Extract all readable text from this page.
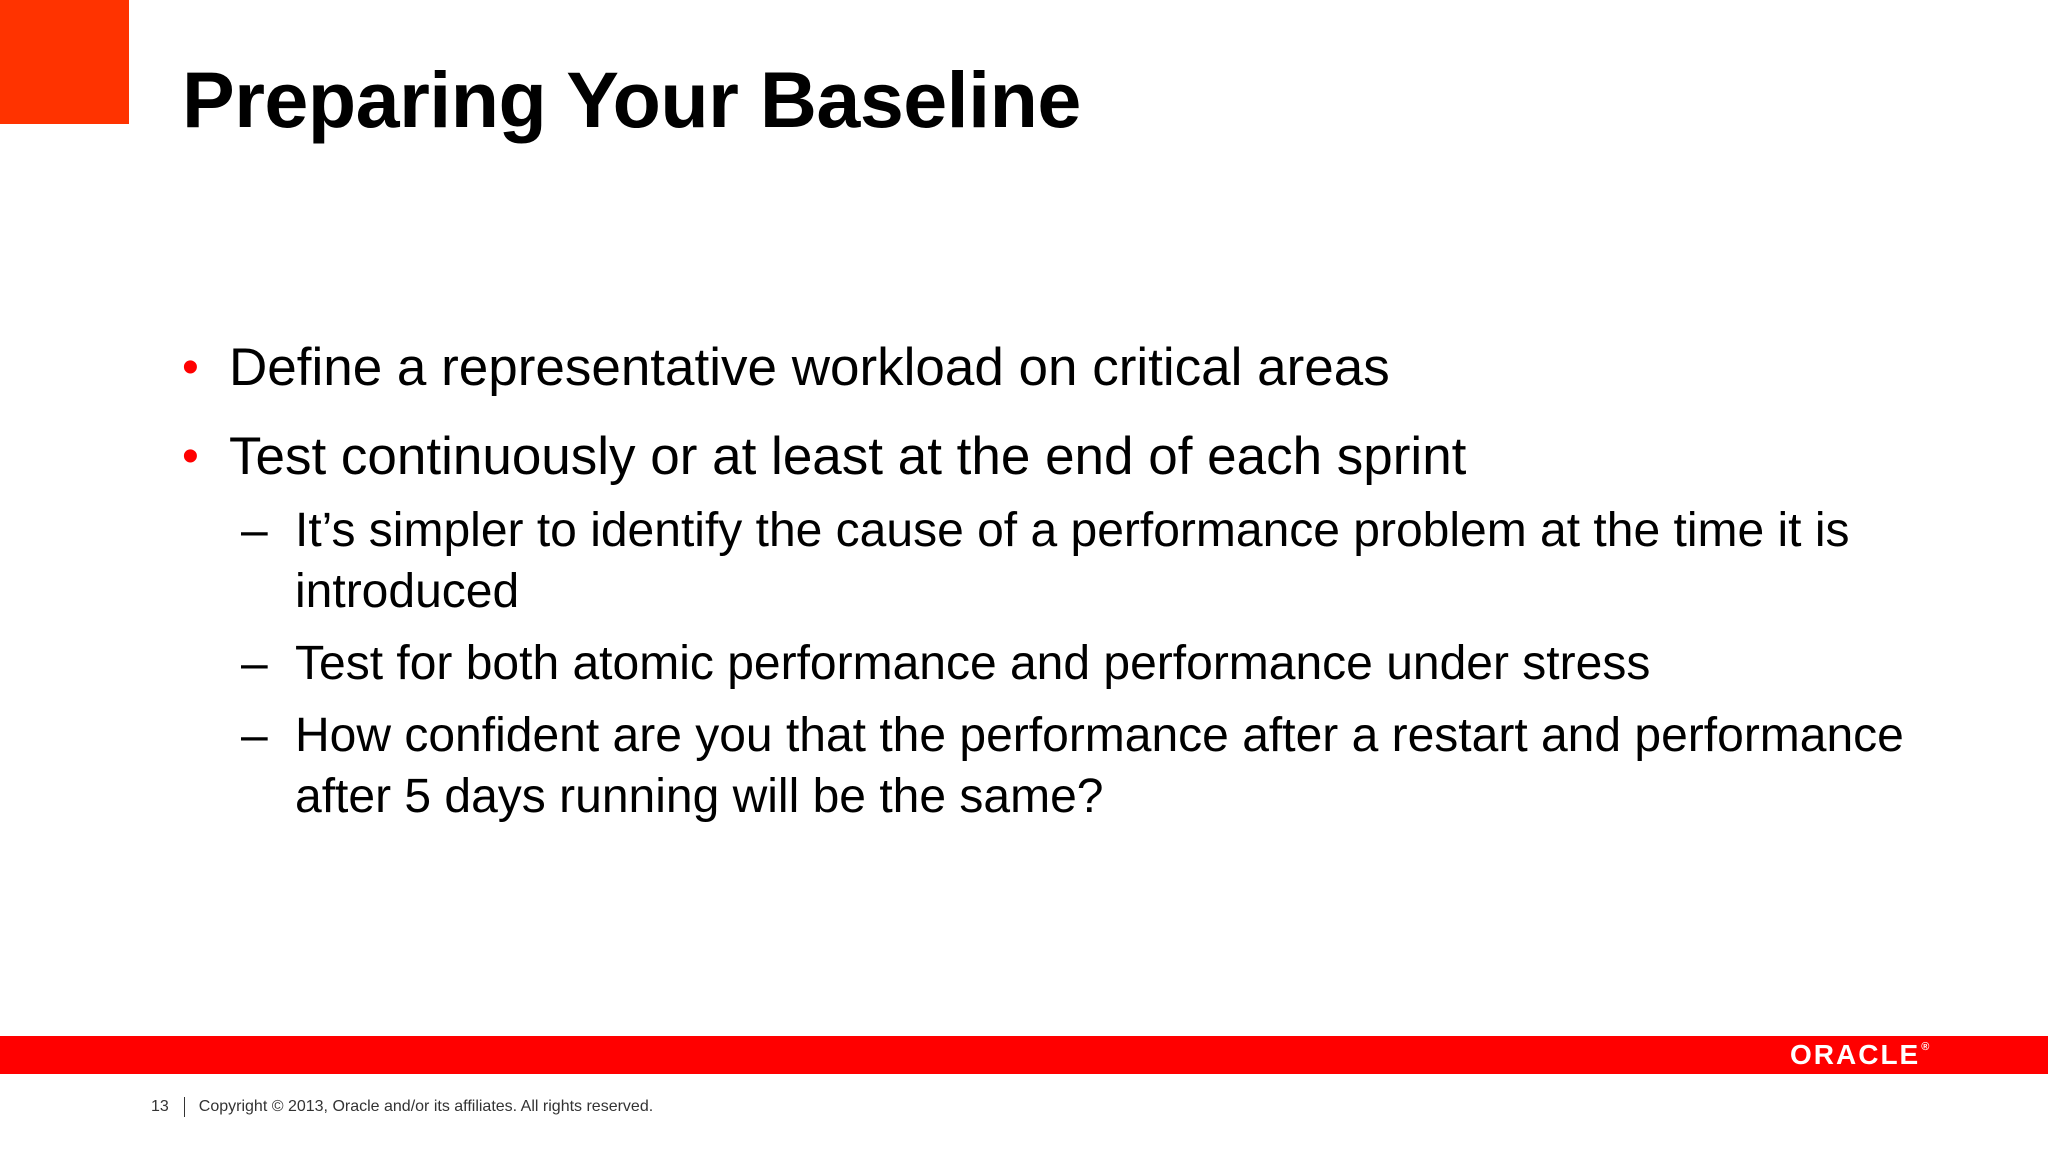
Preparing Your Baseline
• Define a representative workload on critical areas
• Test continuously or at least at the end of each sprint
– It’s simpler to identify the cause of a performance problem at the time it is introduced
– Test for both atomic performance and performance under stress
– How confident are you that the performance after a restart and performance after 5 days running will be the same?
ORACLE®
13 Copyright © 2013, Oracle and/or its affiliates. All rights reserved.
